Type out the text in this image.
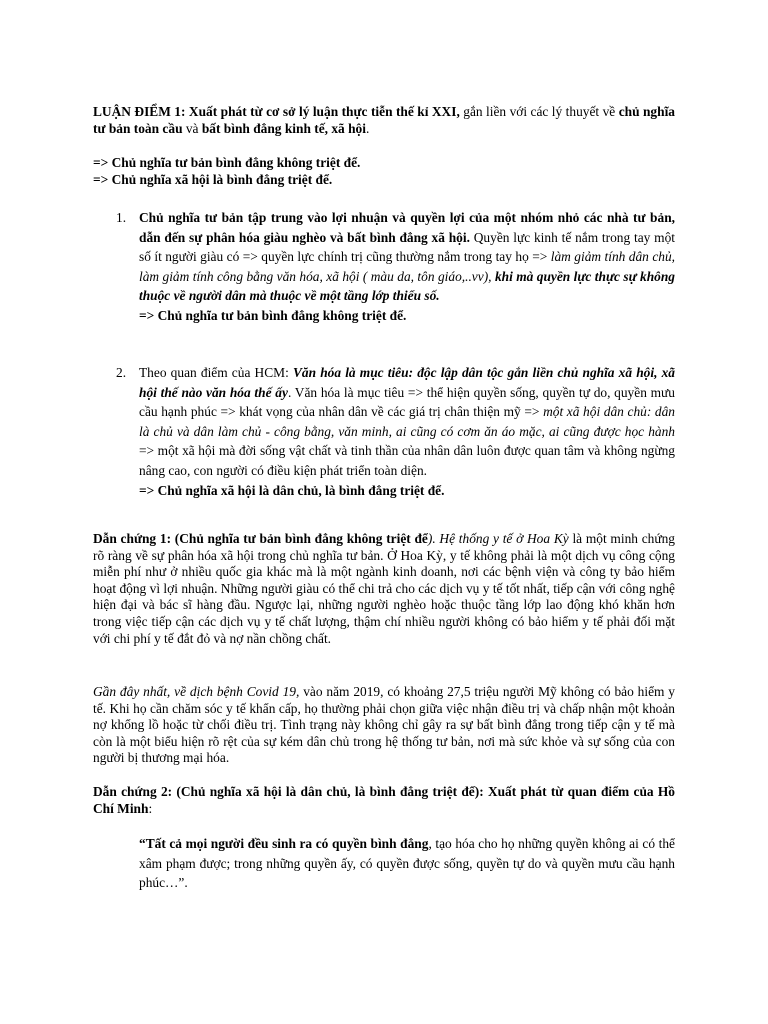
LUẬN ĐIỂM 1: Xuất phát từ cơ sở lý luận thực tiễn thế kỉ XXI, gắn liền với các lý thuyết về chủ nghĩa tư bản toàn cầu và bất bình đẳng kinh tế, xã hội.

=> Chủ nghĩa tư bản bình đẳng không triệt để.
=> Chủ nghĩa xã hội là bình đẳng triệt để.

1. Chủ nghĩa tư bản tập trung vào lợi nhuận và quyền lợi của một nhóm nhỏ các nhà tư bản, dẫn đến sự phân hóa giàu nghèo và bất bình đẳng xã hội. Quyền lực kinh tế nắm trong tay một số ít người giàu có => quyền lực chính trị cũng thường nắm trong tay họ => làm giảm tính dân chủ, làm giảm tính công bằng văn hóa, xã hội ( màu da, tôn giáo,..vv), khi mà quyền lực thực sự không thuộc về người dân mà thuộc về một tầng lớp thiểu số.
=> Chủ nghĩa tư bản bình đẳng không triệt để.

2. Theo quan điểm của HCM: Văn hóa là mục tiêu: độc lập dân tộc gắn liền chủ nghĩa xã hội, xã hội thế nào văn hóa thế ấy. Văn hóa là mục tiêu => thể hiện quyền sống, quyền tự do, quyền mưu cầu hạnh phúc => khát vọng của nhân dân về các giá trị chân thiện mỹ => một xã hội dân chủ: dân là chủ và dân làm chủ - công bằng, văn minh, ai cũng có cơm ăn áo mặc, ai cũng được học hành => một xã hội mà đời sống vật chất và tinh thần của nhân dân luôn được quan tâm và không ngừng nâng cao, con người có điều kiện phát triển toàn diện.
=> Chủ nghĩa xã hội là dân chủ, là bình đẳng triệt để.

Dẫn chứng 1: (Chủ nghĩa tư bản bình đẳng không triệt để). Hệ thống y tế ở Hoa Kỳ là một minh chứng rõ ràng về sự phân hóa xã hội trong chủ nghĩa tư bản. Ở Hoa Kỳ, y tế không phải là một dịch vụ công cộng miễn phí như ở nhiều quốc gia khác mà là một ngành kinh doanh, nơi các bệnh viện và công ty bảo hiểm hoạt động vì lợi nhuận. Những người giàu có thể chi trả cho các dịch vụ y tế tốt nhất, tiếp cận với công nghệ hiện đại và bác sĩ hàng đầu. Ngược lại, những người nghèo hoặc thuộc tầng lớp lao động khó khăn hơn trong việc tiếp cận các dịch vụ y tế chất lượng, thậm chí nhiều người không có bảo hiểm y tế phải đối mặt với chi phí y tế đắt đỏ và nợ nần chồng chất.

Gần đây nhất, về dịch bệnh Covid 19, vào năm 2019, có khoảng 27,5 triệu người Mỹ không có bảo hiểm y tế. Khi họ cần chăm sóc y tế khẩn cấp, họ thường phải chọn giữa việc nhận điều trị và chấp nhận một khoản nợ khổng lồ hoặc từ chối điều trị. Tình trạng này không chỉ gây ra sự bất bình đẳng trong tiếp cận y tế mà còn là một biểu hiện rõ rệt của sự kém dân chủ trong hệ thống tư bản, nơi mà sức khỏe và sự sống của con người bị thương mại hóa.

Dẫn chứng 2: (Chủ nghĩa xã hội là dân chủ, là bình đẳng triệt để): Xuất phát từ quan điểm của Hồ Chí Minh:

“Tất cả mọi người đều sinh ra có quyền bình đẳng, tạo hóa cho họ những quyền không ai có thể xâm phạm được; trong những quyền ấy, có quyền được sống, quyền tự do và quyền mưu cầu hạnh phúc…”.
